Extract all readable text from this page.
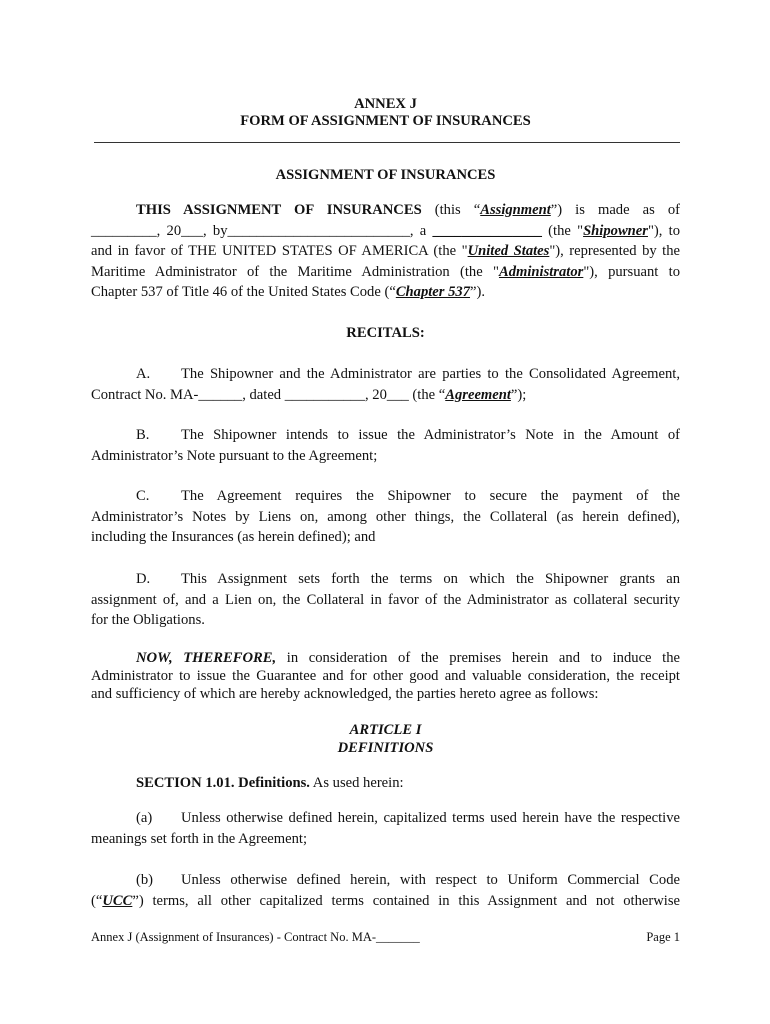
ANNEX J
FORM OF ASSIGNMENT OF INSURANCES
ASSIGNMENT OF INSURANCES
THIS ASSIGNMENT OF INSURANCES (this “Assignment”) is made as of
_________, 20___, by_________________________, a _______________ (the "Shipowner"), to
and in favor of THE UNITED STATES OF AMERICA (the "United States"), represented by the
Maritime Administrator of the Maritime Administration (the "Administrator"), pursuant to
Chapter 537 of Title 46 of the United States Code (“Chapter 537”).
RECITALS:
A. The Shipowner and the Administrator are parties to the Consolidated Agreement,
Contract No. MA-______, dated ___________, 20___ (the “Agreement”);
B. The Shipowner intends to issue the Administrator’s Note in the Amount of
Administrator’s Note pursuant to the Agreement;
C. The Agreement requires the Shipowner to secure the payment of the
Administrator’s Notes by Liens on, among other things, the Collateral (as herein defined),
including the Insurances (as herein defined); and
D. This Assignment sets forth the terms on which the Shipowner grants an
assignment of, and a Lien on, the Collateral in favor of the Administrator as collateral security
for the Obligations.
NOW, THEREFORE, in consideration of the premises herein and to induce the
Administrator to issue the Guarantee and for other good and valuable consideration, the receipt
and sufficiency of which are hereby acknowledged, the parties hereto agree as follows:
ARTICLE I
DEFINITIONS
SECTION 1.01. Definitions. As used herein:
(a) Unless otherwise defined herein, capitalized terms used herein have the respective
meanings set forth in the Agreement;
(b) Unless otherwise defined herein, with respect to Uniform Commercial Code
(“UCC”) terms, all other capitalized terms contained in this Assignment and not otherwise
Annex J (Assignment of Insurances) - Contract No. MA-_______	Page 1
